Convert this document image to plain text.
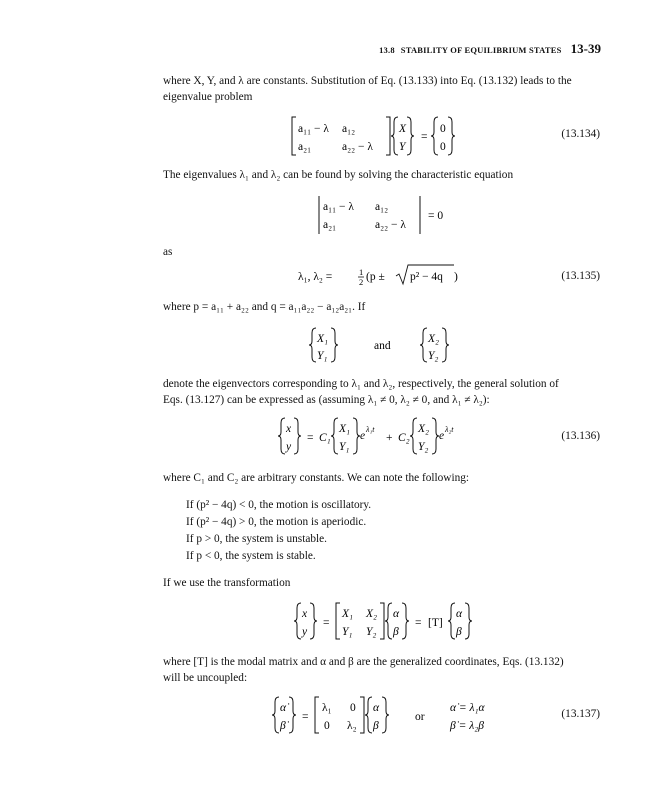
13.8 STABILITY OF EQUILIBRIUM STATES 13-39
where X, Y, and λ are constants. Substitution of Eq. (13.133) into Eq. (13.132) leads to the
eigenvalue problem
a₁₁ − λ a₁₂
a₂₁	a₂₂ − λ
X
Y
=
0
0
(13.134)
The eigenvalues λ₁ and λ₂ can be found by solving the characteristic equation
a₁₁ − λ a₁₂
a₂₁	a₂₂ − λ
= 0
as
λ₁, λ₂ =	1
2 (p ± p² − 4q )	(13.135)
where p = a₁₁ + a₂₂ and q = a₁₁a₂₂ − a₁₂a₂₁. If
X₁
Y₁
and
X₂
Y₂
denote the eigenvectors corresponding to λ₁ and λ₂, respectively, the general solution of
Eqs. (13.127) can be expressed as (assuming λ₁ ≠ 0, λ₂ ≠ 0, and λ₁ ≠ λ₂):
x
y
= C₁
X₁
Y₁
e
λ₁t
+ C₂
X₂
Y₂
e
λ₂t
(13.136)
where C₁ and C₂ are arbitrary constants. We can note the following:
If (p² − 4q) < 0, the motion is oscillatory.
If (p² − 4q) > 0, the motion is aperiodic.
If p > 0, the system is unstable.
If p < 0, the system is stable.
If we use the transformation
x
y
=
X₁ X₂
Y₁ Y₂
α
β
= [T]
α
β
where [T] is the modal matrix and α and β are the generalized coordinates, Eqs. (13.132)
will be uncoupled:
α̇
β̇
=
λ₁ 0
0 λ₂
α
β
or
α̇ = λ₁α
β̇ = λ₂β
(13.137)
